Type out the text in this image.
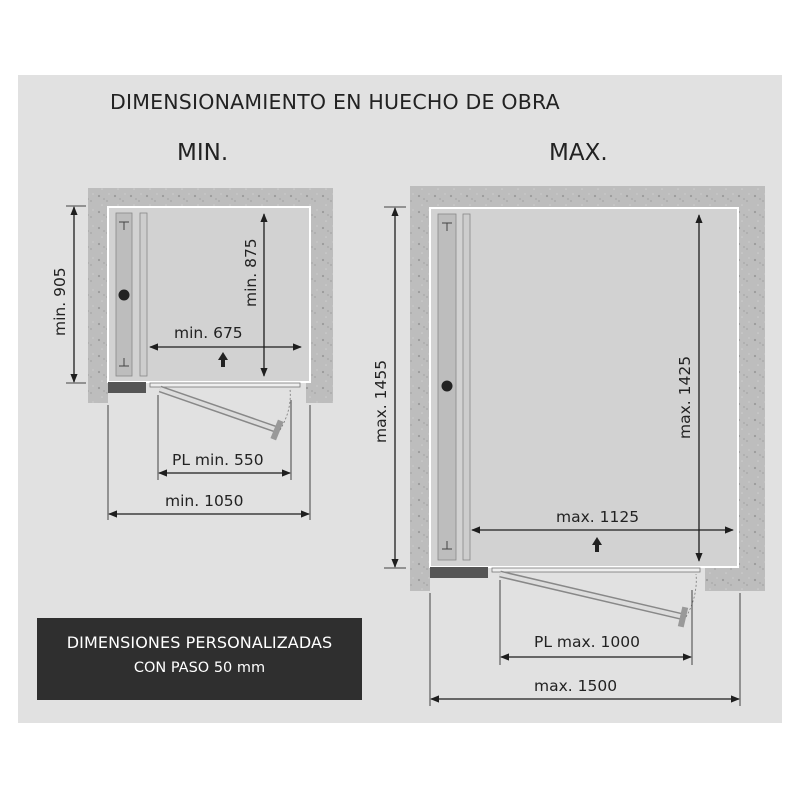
DIMENSIONAMIENTO EN HUECHO DE OBRA
MIN.	MAX.
min. 905	min. 875
min. 675
PL min. 550
min. 1050
max. 1455	max. 1425
max. 1125
PL max. 1000
max. 1500
DIMENSIONES PERSONALIZADAS
CON PASO 50 mm
